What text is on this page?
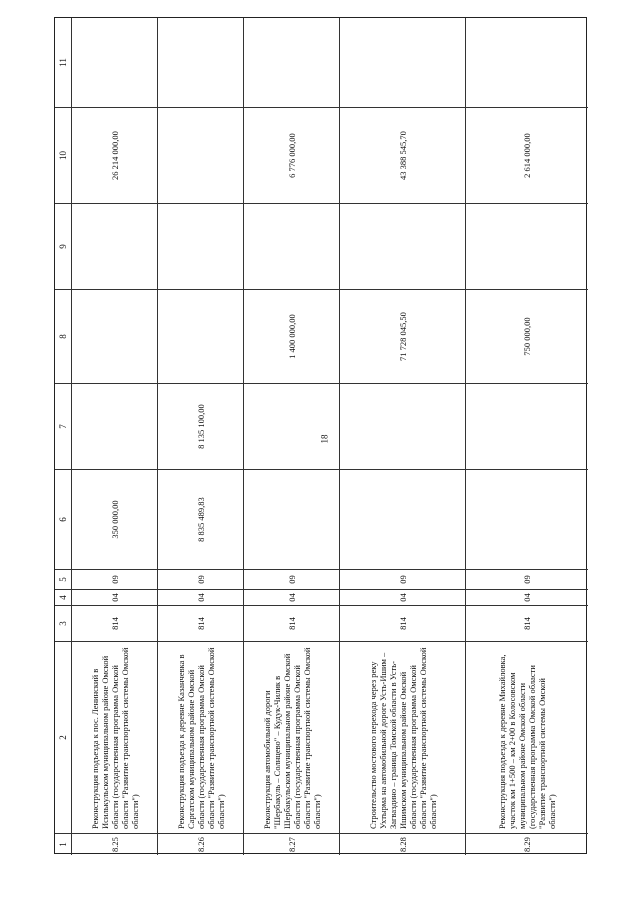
18
1
2
3
4
5
6
7
8
9
10
11
8.25
Реконструкция подъезда к пос. Ленинский в Исилькульском муниципальном районе Омской области (государственная программа Омской области "Развитие транспортной системы Омской области")
814
04
09
350 000,00
26 214 000,00
8.26
Реконструкция подъезда к деревне Казанчевка в Саргатском муниципальном районе Омской области (государственная программа Омской области "Развитие транспортной системы Омской области")
814
04
09
8 835 489,83
8 135 100,00
8.27
Реконструкция автомобильной дороги "Шербакуль – Солнцево" – Кудук-Чилик в Шербакульском муниципальном районе Омской области (государственная программа Омской области "Развитие транспортной системы Омской области")
814
04
09
1 400 000,00
6 776 000,00
8.28
Строительство мостового перехода через реку Ухтырма на автомобильной дороге Усть-Ишим – Загваздино – граница Томской области в Усть-Ишимском муниципальном районе Омской области (государственная программа Омской области "Развитие транспортной системы Омской области")
814
04
09
71 728 045,50
43 388 545,70
8.29
Реконструкция подъезда к деревне Михайловка, участок км 1+500 – км 2+00 в Колосовском муниципальном районе Омской области (государственная программа Омской области "Развитие транспортной системы Омской области")
814
04
09
750 000,00
2 614 000,00
